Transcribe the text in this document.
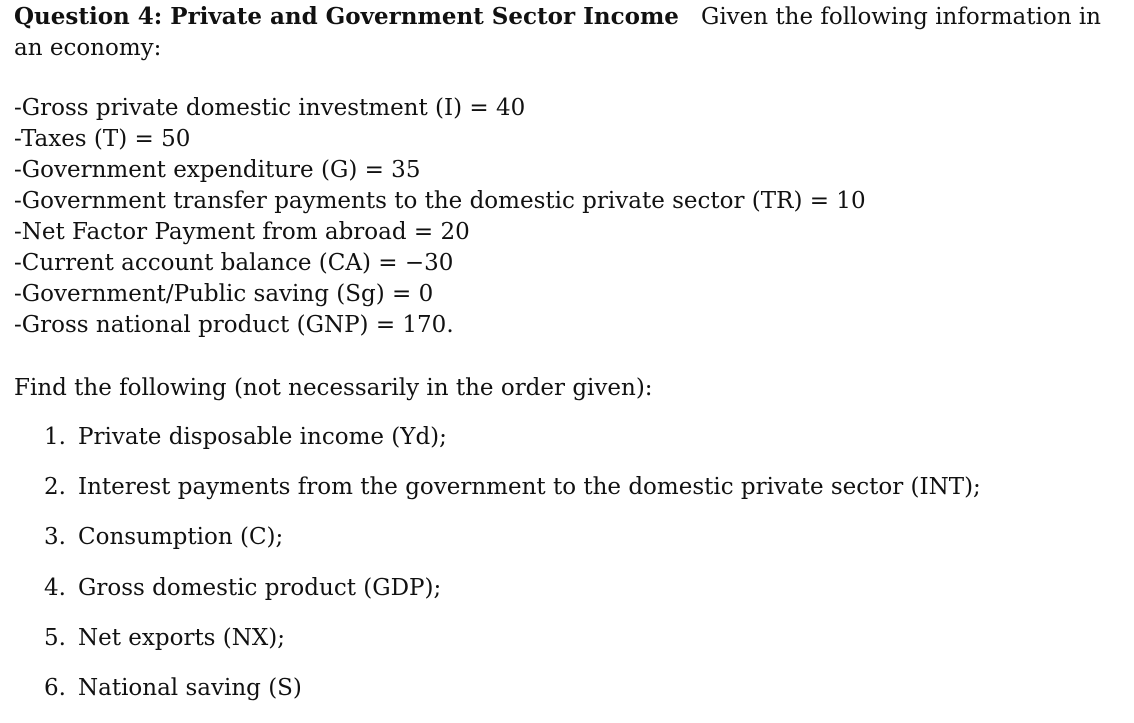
Question 4: Private and Government Sector Income Given the following information in
an economy:
-Gross private domestic investment (I) = 40
-Taxes (T) = 50
-Government expenditure (G) = 35
-Government transfer payments to the domestic private sector (TR) = 10
-Net Factor Payment from abroad = 20
-Current account balance (CA) = −30
-Government/Public saving (Sg) = 0
-Gross national product (GNP) = 170.
Find the following (not necessarily in the order given):
1. Private disposable income (Yd);
2. Interest payments from the government to the domestic private sector (INT);
3. Consumption (C);
4. Gross domestic product (GDP);
5. Net exports (NX);
6. National saving (S)
